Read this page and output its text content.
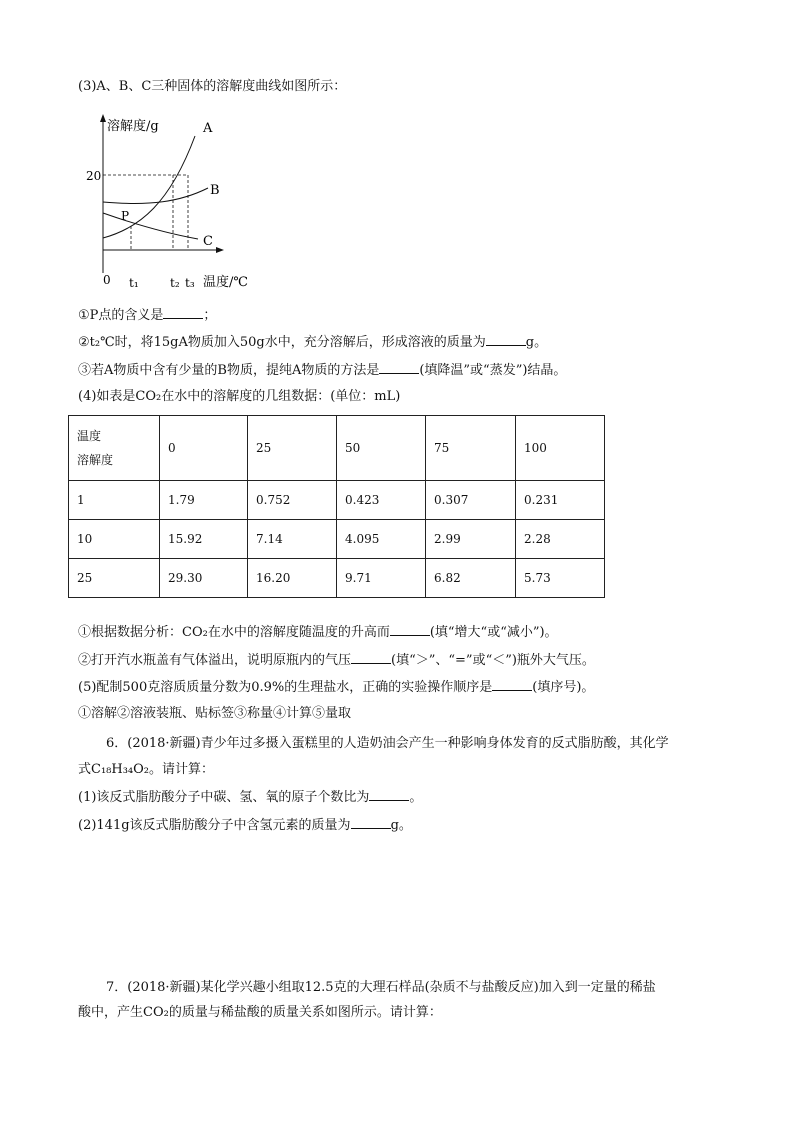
(3)A、B、C三种固体的溶解度曲线如图所示：
溶解度/g
20
0 t₁	t₂ t₃ 温度/℃
A
B
C
P
①P点的含义是	；
②t₂℃时，将15gA物质加入50g水中，充分溶解后，形成溶液的质量为	g。
③若A物质中含有少量的B物质，提纯A物质的方法是	(填降温”或“蒸发”)结晶。
(4)如表是CO₂在水中的溶解度的几组数据：(单位：mL)
温度
溶解度	0	25	50	75	100
1	1.79	0.752	0.423	0.307	0.231
10	15.92	7.14	4.095	2.99	2.28
25	29.30	16.20	9.71	6.82	5.73
①根据数据分析：CO₂在水中的溶解度随温度的升高而	(填“增大“或“减小”)。
②打开汽水瓶盖有气体溢出，说明原瓶内的气压	(填“＞”、“=”或“＜”)瓶外大气压。
(5)配制500克溶质质量分数为0.9%的生理盐水，正确的实验操作顺序是	(填序号)。
①溶解②溶液装瓶、贴标签③称量④计算⑤量取
6．(2018·新疆)青少年过多摄入蛋糕里的人造奶油会产生一种影响身体发育的反式脂肪酸，其化学
式C₁₈H₃₄O₂。请计算：
(1)该反式脂肪酸分子中碳、氢、氧的原子个数比为	。
(2)141g该反式脂肪酸分子中含氢元素的质量为	g。
7．(2018·新疆)某化学兴趣小组取12.5克的大理石样品(杂质不与盐酸反应)加入到一定量的稀盐
酸中，产生CO₂的质量与稀盐酸的质量关系如图所示。请计算：
